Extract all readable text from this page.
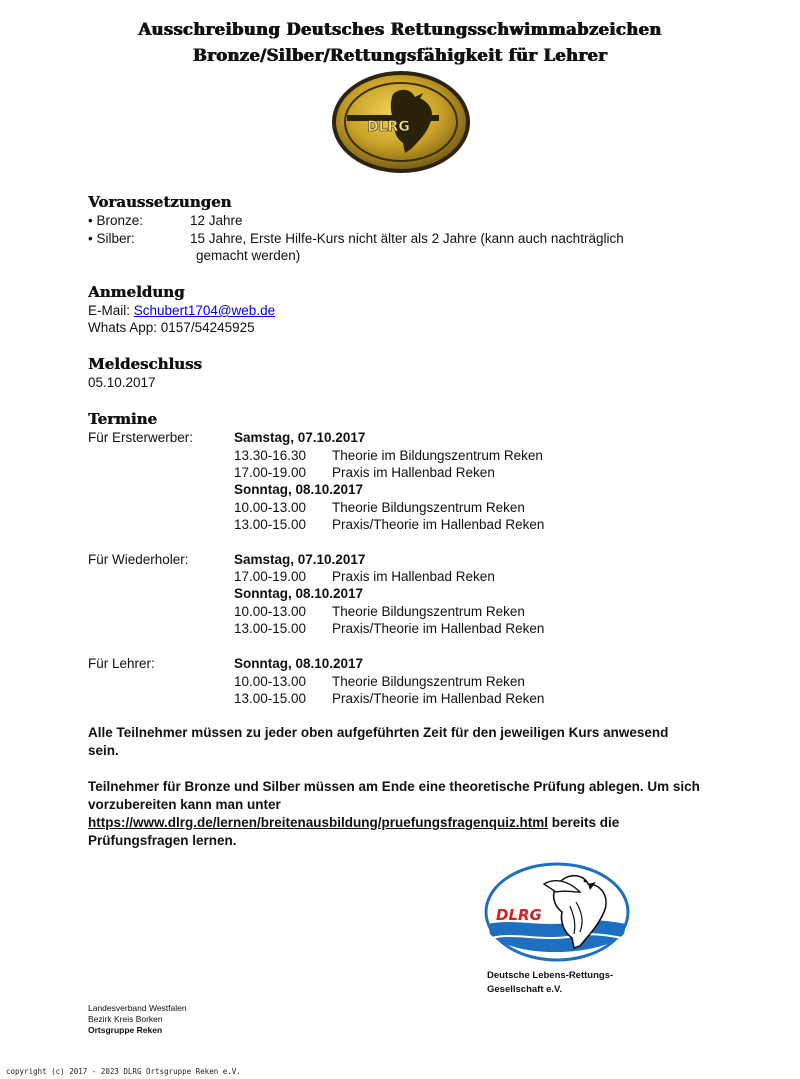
Ausschreibung Deutsches Rettungsschwimmabzeichen
Bronze/Silber/Rettungsfähigkeit für Lehrer
DLRG
Voraussetzungen
• Bronze:	12 Jahre
• Silber:	15 Jahre, Erste Hilfe-Kurs nicht älter als 2 Jahre (kann auch nachträglich
gemacht werden)
Anmeldung
E-Mail: Schubert1704@web.de
Whats App: 0157/54245925
Meldeschluss
05.10.2017
Termine
Für Ersterwerber:	Samstag, 07.10.2017
13.30-16.30 Theorie im Bildungszentrum Reken
17.00-19.00 Praxis im Hallenbad Reken
Sonntag, 08.10.2017
10.00-13.00 Theorie Bildungszentrum Reken
13.00-15.00 Praxis/Theorie im Hallenbad Reken
Für Wiederholer:	Samstag, 07.10.2017
17.00-19.00 Praxis im Hallenbad Reken
Sonntag, 08.10.2017
10.00-13.00 Theorie Bildungszentrum Reken
13.00-15.00 Praxis/Theorie im Hallenbad Reken
Für Lehrer:	Sonntag, 08.10.2017
10.00-13.00 Theorie Bildungszentrum Reken
13.00-15.00 Praxis/Theorie im Hallenbad Reken
Alle Teilnehmer müssen zu jeder oben aufgeführten Zeit für den jeweiligen Kurs anwesend sein.
Teilnehmer für Bronze und Silber müssen am Ende eine theoretische Prüfung ablegen. Um sich vorzubereiten kann man unter https://www.dlrg.de/lernen/breitenausbildung/pruefungsfragenquiz.html bereits die Prüfungsfragen lernen.
DLRG
Deutsche Lebens-Rettungs-
Gesellschaft e.V.
Landesverband Westfalen
Bezirk Kreis Borken
Ortsgruppe Reken
copyright (c) 2017 - 2023 DLRG Ortsgruppe Reken e.V.
